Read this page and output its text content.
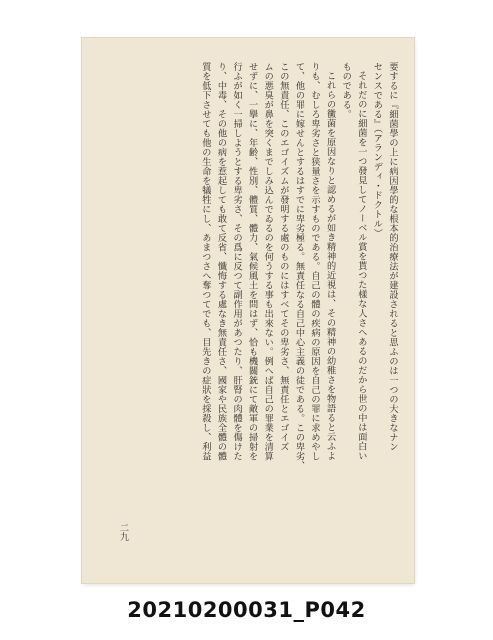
要するに『細菌學の上に病因學的な根本的治療法が建設されると思ふのは一つの大きなナン
センスである』（アランディ・ドクトル）
それだのに細菌を一つ發見してノーベル賞を貰つた樣な人さへあるのだから世の中は面白い
ものである。
これらの黴菌を原因なりと認めるが如き精神的近視は、その精神の幼稚さを物語ると云ふよ
りも、むしろ卑劣さと狭量さを示すものである。自己の體の疾病の原因を自己の罪に求めやし
て、他の罪に嫁せんとするはすでに卑劣極る。無責任なる自己中心主義の徒である。この卑劣、
この無責任、このエゴイズムが發明する處のものにはすべてその卑劣さ、無責任とエゴイズ
ムの悪臭が鼻を突くまでしみ込んでゐるのを何うする事も出來ない。例へば自己の罪業を清算
せずに、一擧に、年齢、性別、體質、體力、氣候風土を問はず、恰も機關銃にて敵軍の掃射を
行ふが如く一掃しようとする卑劣さ、その爲に反つて副作用があつたり、肝腎の肉體を傷けた
り、中毒、その他の病を惹起しても敢て反省、懺悔する處なき無責任さ、國家や民族全體の體
質を低下させても他の生命を犠牲にし、あまつさへ奪つてでも、目先きの症狀を採殺し、利益
二九
20210200031_P042
